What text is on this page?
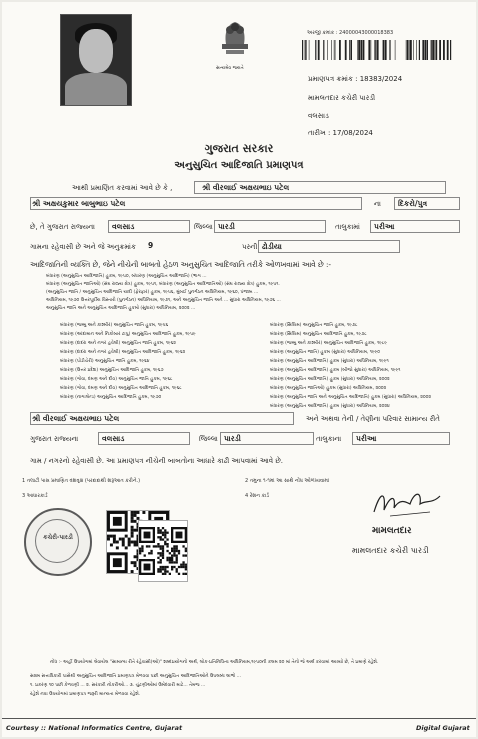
સત્યમેવ જયતે
અરજી ક્રમાંક : 24000043000018383
પ્રમાણપત્ર ક્રમાંક : 18383/2024
મામલતદાર કચેરી પારડી
વલસાડ
તારીખ : 17/08/2024
ગુજરાત સરકાર
અનુસુચિત આદિજાતિ પ્રમાણપત્ર
આથી પ્રમાણિત કરવામાં આવે છે કે ,	શ્રી વીરલાઈ અક્ષયભાઇ પટેલ
શ્રી અક્ષયકુમાર બાબુભાઇ પટેલ	ના દિકરો/પુત્ર
છે, તે ગુજરાત રાજ્યના વલસાડ	જિલ્લા પારડી	તાલુકામાં પરીઆ
ગામના રહેવાસી છે અને જે અનુક્રમાંક 9	પરની ઢોડીયા
આદિજાતિની વ્યક્તિ છે, જેને નીચેની બાબતો હેઠળ અનુસુચિત આદિજાતિ તરીકે ઓળખવામાં આવે છે :-
બંધારણ (અનુસુચિત આદિજાતિ) હુકમ, ૧૯૫૦, બંધારણ (અનુસુચિત આદિજાતિ) (ભાગ ...
બંધારણ (અનુસુચિત જાતિઓ) (સંઘ રાજ્ય ક્ષેત્ર) હુકમ, ૧૯૫૧, બંધારણ (અનુસુચિત આદિજાતિઓ) (સંઘ રાજ્ય ક્ષેત્ર) હુકમ, ૧૯૫૧.
(અનુસુચિત જાતિ / અનુસુચિત આદિજાતિ યાદી (ફેરફાર) હુકમ, ૧૯૫૬, મુંબઈ પુનર્ગઠન અધિનિયમ, ૧૯૬૦, પંજાબ ...
અધિનિયમ, ૧૯૭૦ ઉત્તરપૂર્વીય વિસ્તારો (પુનર્ગઠન) અધિનિયમ, ૧૯૭૧, અને અનુસુચિત જાતિ અને ... સુધારા અધિનિયમ, ૧૯૭૬ ...
અનુસુચિત જાતિ અને અનુસુચિત આદિજાતિ હુકમો (સુધારા) અધિનિયમ, ૨૦૦૨ ...
બંધારણ (જમ્મુ અને કાશ્મીર) અનુસુચિત જાતિ હુકમ, ૧૯૫૬
બંધારણ (આંદામાન અને નિકોબાર ટાપુ) અનુસુચિત આદિજાતિ હુકમ, ૧૯૫૯
બંધારણ (દાદરા અને નગર હવેલી) અનુસુચિત જાતિ હુકમ, ૧૯૬૨
બંધારણ (દાદરા અને નગર હવેલી) અનુસુચિત આદિજાતિ હુકમ, ૧૯૬૨
બંધારણ (પોંડીચેરી) અનુસુચિત જાતિ હુકમ, ૧૯૬૪
બંધારણ (ઉત્તર પ્રદેશ) અનુસુચિત આદિજાતિ હુકમ, ૧૯૬૭
બંધારણ (ગોવા, દમણ અને દીવ) અનુસુચિત જાતિ હુકમ, ૧૯૬૮
બંધારણ (ગોવા, દમણ અને દીવ) અનુસુચિત આદિજાતિ હુકમ, ૧૯૬૮
બંધારણ (નાગાલેન્ડ) અનુસુચિત આદિજાતિ હુકમ, ૧૯૭૦
બંધારણ (સિક્કિમ) અનુસુચિત જાતિ હુકમ, ૧૯૭૮
બંધારણ (સિક્કિમ) અનુસુચિત આદિજાતિ હુકમ, ૧૯૭૮
બંધારણ (જમ્મુ અને કાશ્મીર) અનુસુચિત આદિજાતિ હુકમ, ૧૯૮૯
બંધારણ (અનુસુચિત જાતિ) હુકમ (સુધારા) અધિનિયમ, ૧૯૯૦
બંધારણ (અનુસુચિત આદિજાતિ) હુકમ (સુધારા) અધિનિયમ, ૧૯૯૧
બંધારણ (અનુસુચિત આદિજાતિ) હુકમ (બીજો સુધારા) અધિનિયમ, ૧૯૯૧
બંધારણ (અનુસુચિત આદિજાતિ) હુકમ (સુધારા) અધિનિયમ, ૨૦૦૨
બંધારણ (અનુસુચિત જાતિઓ) હુકમ (સુધારા) અધિનિયમ, ૨૦૦૨
બંધારણ (અનુસુચિત જાતિ અને અનુસુચિત આદિજાતિ) હુકમ (સુધારા) અધિનિયમ, ૨૦૦૨
બંધારણ (અનુસુચિત આદિજાતિ) હુકમ (સુધારા) અધિનિયમ, ૨૦૨૪
શ્રી વીરલાઈ અક્ષયભાઇ પટેલ	અને અથવા તેની / તેણીના પરિવાર સામાન્ય રીતે
ગુજરાત રાજ્યના	વલસાડ	જિલ્લા પારડી	તાલુકાના પરીઆ
ગામ / નગરનો રહેવાસી છે. આ પ્રમાણપત્ર નીચેની બાબતોના આધારે કાઢી આપવામાં આવે છે.
1 તલાટી પાસ પ્રમાણિત વંશવૃક્ષ (પરદાદાથી શરૂઆત કરીને.)	2 તમુના ૧-૧માં આ સાથે નોંધ ઓળખાવામાં
3 આધારકાર્ડ	4 રેશન કાર્ડ
કચેરી-પારડી
મામલતદાર
મામલતદાર કચેરી પારડી
નોંધ :- અહીં ઉપયોગમાં લેવાયેલ "સામાન્ય રીતે રહેવાસી(ઓ)" શબ્દપ્રયોગનો અર્થ, લોક-પ્રતિનિધિત્વ અધિનિયમ,૧૯૫૦ની કલમ ૨૦ માં તેનો જે અર્થ કરવામાં આવ્યો છે, તે પ્રમાણે રહેશે.
સક્ષમ સત્તાધિકારી પાસેથી અનુસુચિત આદિજાતિ પ્રમાણપત્ર મેળવવા પછી અનુસુચિત આદિજાતિઓને ઉપલબ્ધ લાભો ...
૧. પ્રકરણ ૧૦ પછી કેળવણી ... ૨. સરકારી નોકરીઓ... ૩. ચુંટણીઓમાં ઉમેદવારી માટે... તેમજ ...
રહેશે નવા ઉપયોગમાં પ્રમાણપત્ર જરૂરી માન્યતા મેળવવા રહેશે.
Courtesy :: National Informatics Centre, Gujarat	Digital Gujarat
